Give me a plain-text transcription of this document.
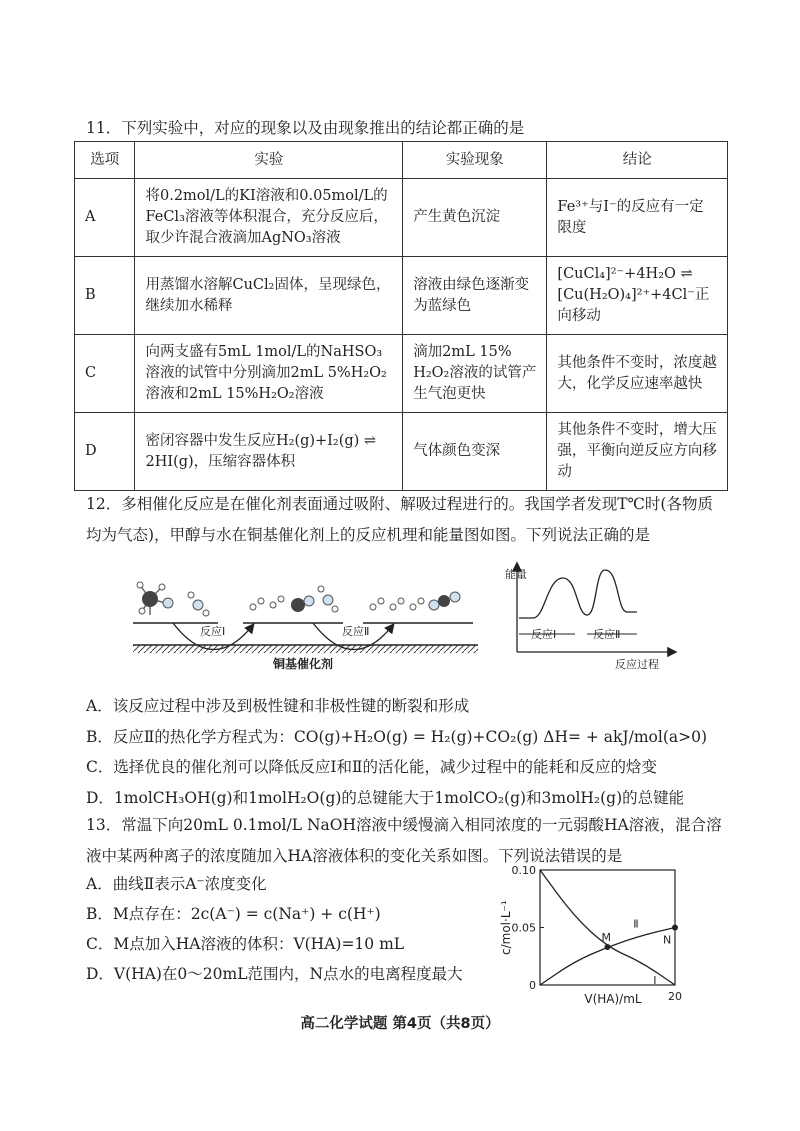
11．下列实验中，对应的现象以及由现象推出的结论都正确的是
选项	实验	实验现象	结论
A	将0.2mol/L的KI溶液和0.05mol/L的FeCl₃溶液等体积混合，充分反应后，取少许混合液滴加AgNO₃溶液	产生黄色沉淀	Fe³⁺与I⁻的反应有一定限度
B	用蒸馏水溶解CuCl₂固体，呈现绿色，继续加水稀释	溶液由绿色逐渐变为蓝绿色	[CuCl₄]²⁻+4H₂O ⇌ [Cu(H₂O)₄]²⁺+4Cl⁻正向移动
C	向两支盛有5mL 1mol/L的NaHSO₃溶液的试管中分别滴加2mL 5%H₂O₂溶液和2mL 15%H₂O₂溶液	滴加2mL 15% H₂O₂溶液的试管产生气泡更快	其他条件不变时，浓度越大，化学反应速率越快
D	密闭容器中发生反应H₂(g)+I₂(g) ⇌ 2HI(g)，压缩容器体积	气体颜色变深	其他条件不变时，增大压强，平衡向逆反应方向移动
12．多相催化反应是在催化剂表面通过吸附、解吸过程进行的。我国学者发现T℃时(各物质均为气态)，甲醇与水在铜基催化剂上的反应机理和能量图如图。下列说法正确的是
反应Ⅰ	反应Ⅱ
铜基催化剂
能量
反应Ⅰ	反应Ⅱ
反应过程
A．该反应过程中涉及到极性键和非极性键的断裂和形成
B．反应Ⅱ的热化学方程式为：CO(g)+H₂O(g) = H₂(g)+CO₂(g) ΔH= + akJ/mol(a>0)
C．选择优良的催化剂可以降低反应Ⅰ和Ⅱ的活化能，减少过程中的能耗和反应的焓变
D．1molCH₃OH(g)和1molH₂O(g)的总键能大于1molCO₂(g)和3molH₂(g)的总键能
13．常温下向20mL 0.1mol/L NaOH溶液中缓慢滴入相同浓度的一元弱酸HA溶液，混合溶液中某两种离子的浓度随加入HA溶液体积的变化关系如图。下列说法错误的是
A．曲线Ⅱ表示A⁻浓度变化
B．M点存在：2c(A⁻) = c(Na⁺) + c(H⁺)
C．M点加入HA溶液的体积：V(HA)=10 mL
D．V(HA)在0～20mL范围内，N点水的电离程度最大
c/mol·L⁻¹
V(HA)/mL
0.10
0.05
0
20
Ⅰ
Ⅱ
M	N
高二化学试题 第4页（共8页）
